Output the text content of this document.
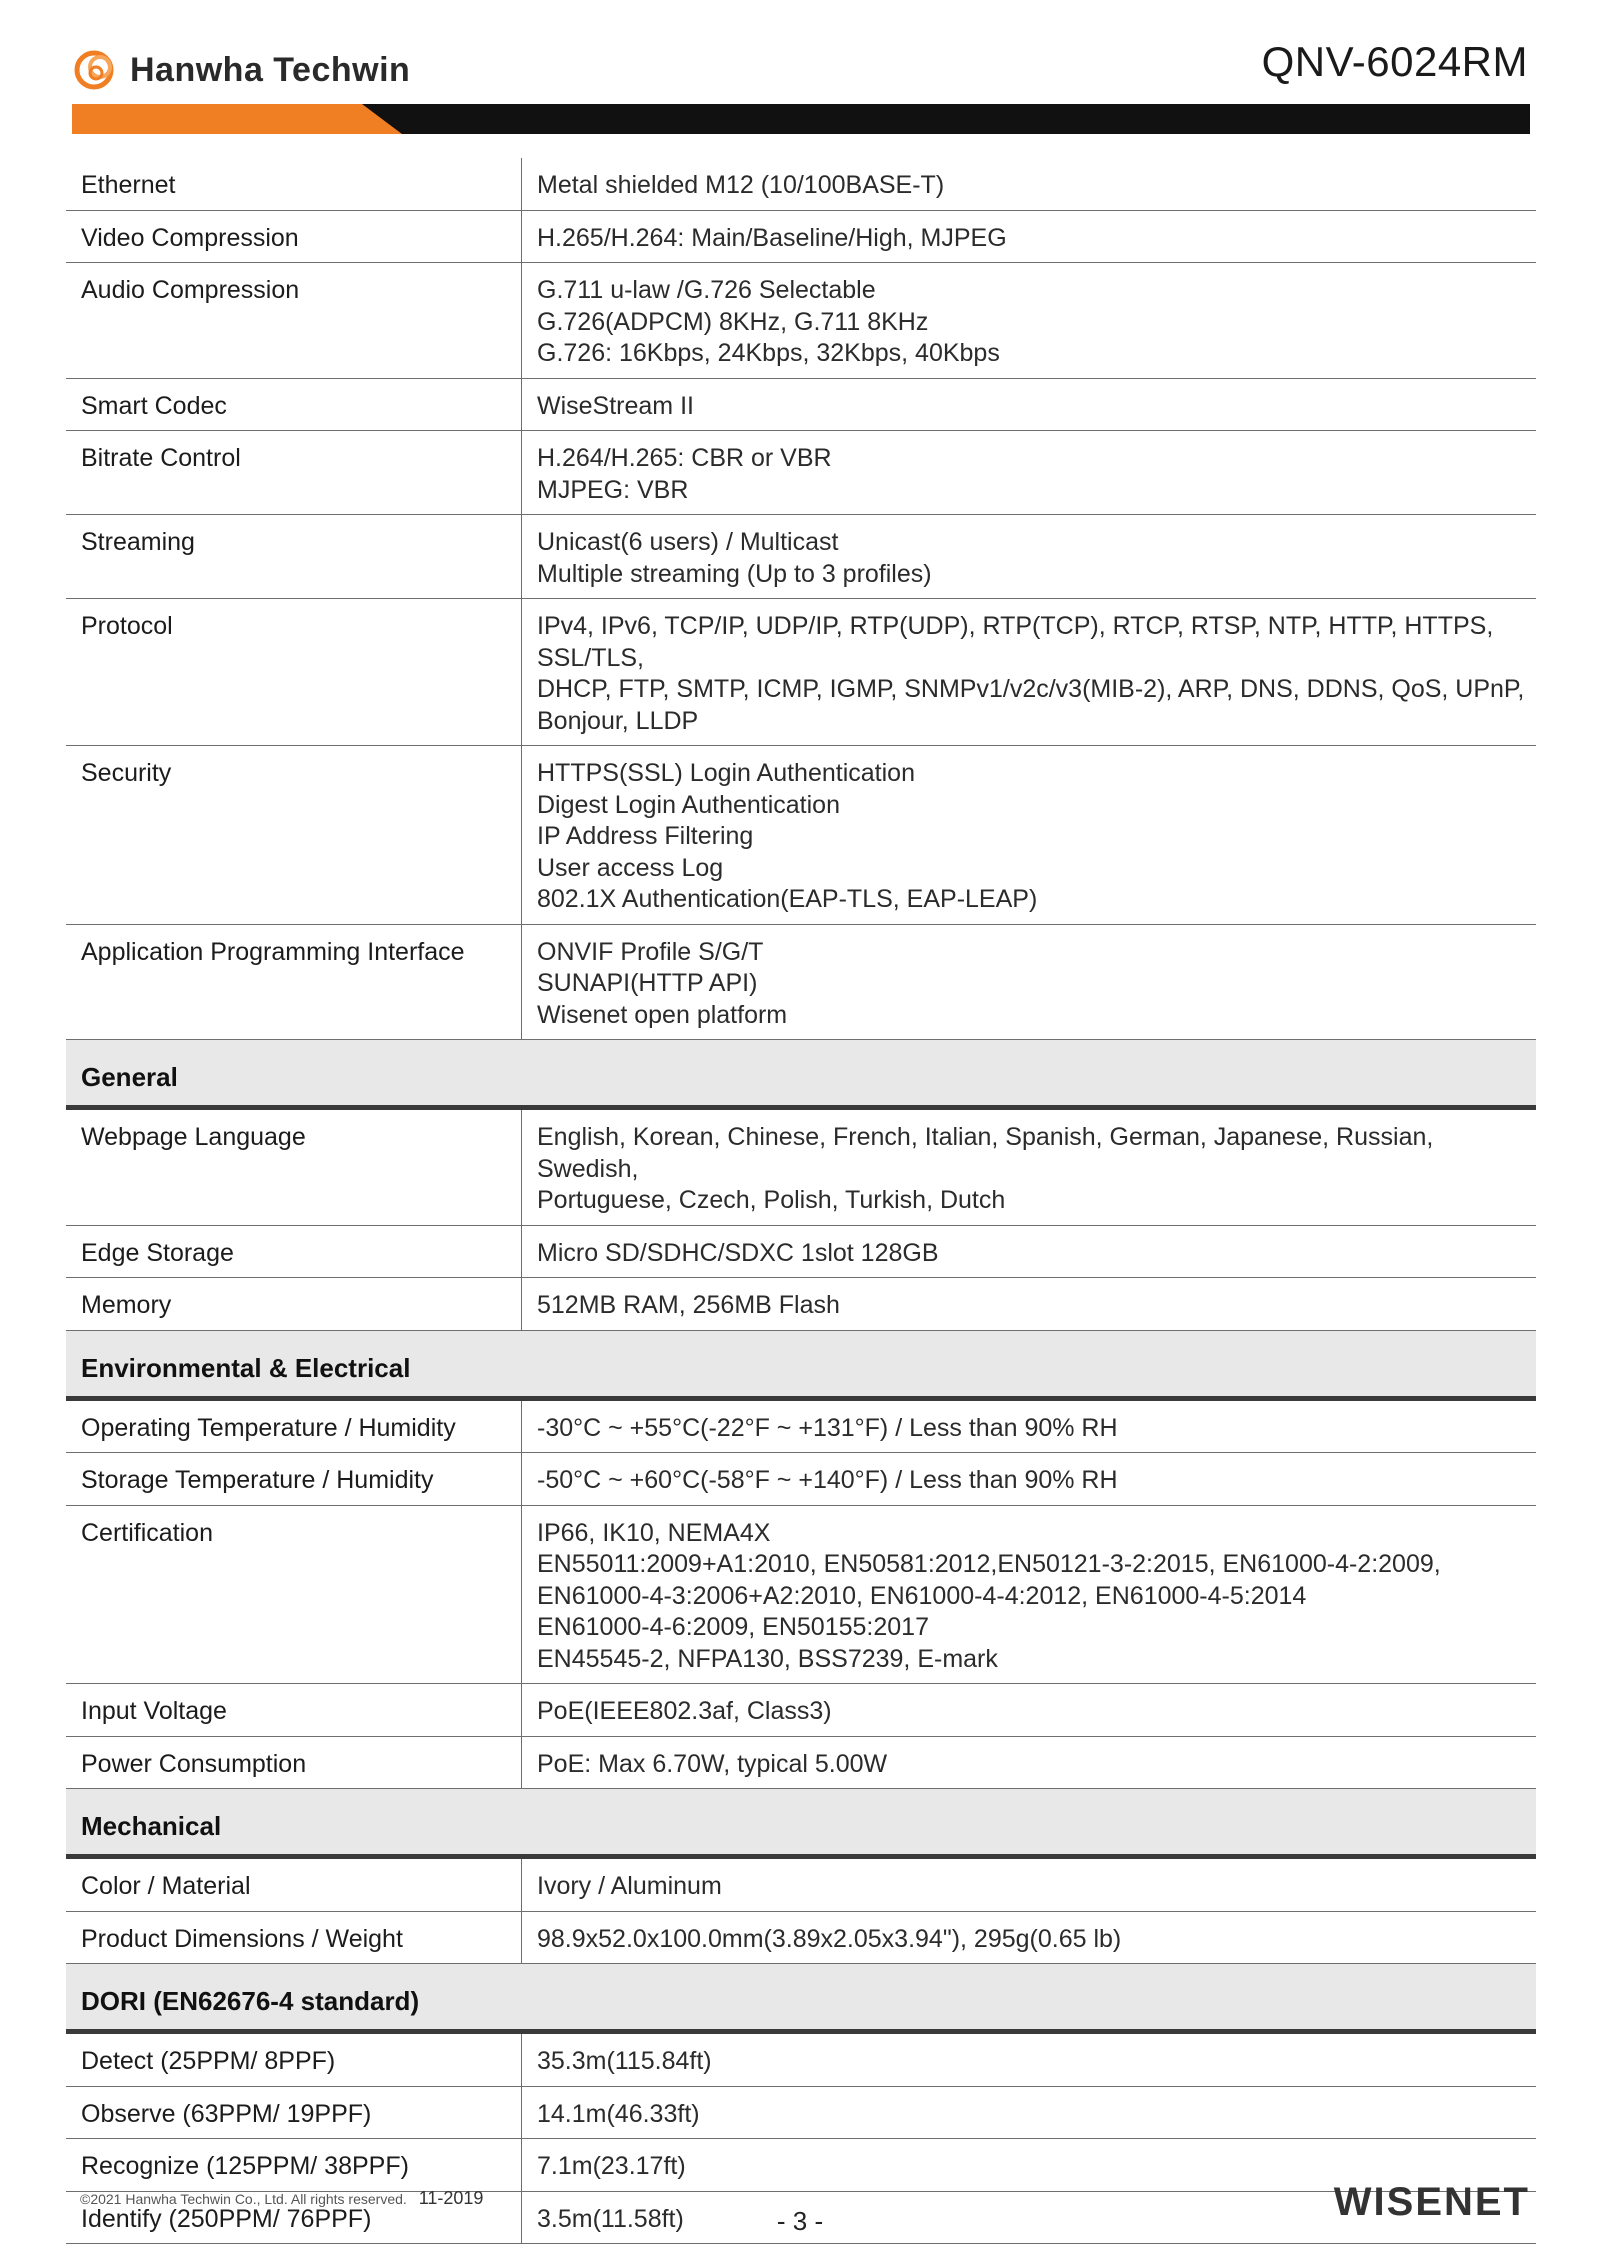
Hanwha Techwin	QNV-6024RM
Ethernet	Metal shielded M12 (10/100BASE-T)

Video Compression	H.265/H.264: Main/Baseline/High, MJPEG

Audio Compression	G.711 u-law /G.726 Selectable
G.726(ADPCM) 8KHz, G.711 8KHz
G.726: 16Kbps, 24Kbps, 32Kbps, 40Kbps

Smart Codec	WiseStream II

Bitrate Control	H.264/H.265: CBR or VBR
MJPEG: VBR

Streaming	Unicast(6 users) / Multicast
Multiple streaming (Up to 3 profiles)

Protocol	IPv4, IPv6, TCP/IP, UDP/IP, RTP(UDP), RTP(TCP), RTCP, RTSP, NTP, HTTP, HTTPS, SSL/TLS,
DHCP, FTP, SMTP, ICMP, IGMP, SNMPv1/v2c/v3(MIB-2), ARP, DNS, DDNS, QoS, UPnP,
Bonjour, LLDP

Security	HTTPS(SSL) Login Authentication
Digest Login Authentication
IP Address Filtering
User access Log
802.1X Authentication(EAP-TLS, EAP-LEAP)

Application Programming Interface	ONVIF Profile S/G/T
SUNAPI(HTTP API)
Wisenet open platform

General	
Webpage Language	English, Korean, Chinese, French, Italian, Spanish, German, Japanese, Russian, Swedish,
Portuguese, Czech, Polish, Turkish, Dutch

Edge Storage	Micro SD/SDHC/SDXC 1slot 128GB

Memory	512MB RAM, 256MB Flash

Environmental & Electrical	
Operating Temperature / Humidity	-30°C ~ +55°C(-22°F ~ +131°F) / Less than 90% RH

Storage Temperature / Humidity	-50°C ~ +60°C(-58°F ~ +140°F) / Less than 90% RH

Certification	IP66, IK10, NEMA4X
EN55011:2009+A1:2010, EN50581:2012,EN50121-3-2:2015, EN61000-4-2:2009,
EN61000-4-3:2006+A2:2010, EN61000-4-4:2012, EN61000-4-5:2014
EN61000-4-6:2009, EN50155:2017
EN45545-2, NFPA130, BSS7239, E-mark

Input Voltage	PoE(IEEE802.3af, Class3)

Power Consumption	PoE: Max 6.70W, typical 5.00W

Mechanical	
Color / Material	Ivory / Aluminum

Product Dimensions / Weight	98.9x52.0x100.0mm(3.89x2.05x3.94"), 295g(0.65 lb)

DORI (EN62676-4 standard)	
Detect (25PPM/ 8PPF)	35.3m(115.84ft)

Observe (63PPM/ 19PPF)	14.1m(46.33ft)

Recognize (125PPM/ 38PPF)	7.1m(23.17ft)

Identify (250PPM/ 76PPF)	3.5m(11.58ft)
©2021 Hanwha Techwin Co., Ltd. All rights reserved. 11-2019
- 3 -	WISENET
